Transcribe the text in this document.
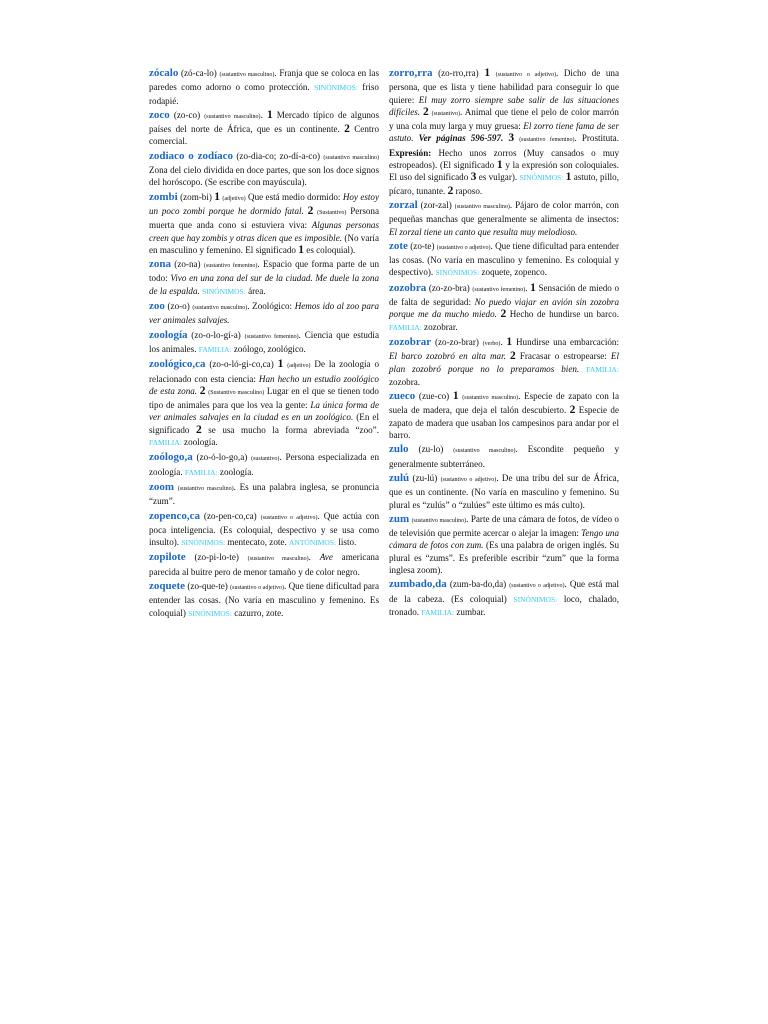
zócalo (zó-ca-lo) (sustantivo masculino). Franja que se coloca en las paredes como adorno o como protección. SINÓNIMOS: friso rodapié.

zoco (zo-co) (sustantivo masculino). 1 Mercado típico de algunos países del norte de África, que es un continente. 2 Centro comercial.

zodiaco o zodíaco (zo-dia-co; zo-dí-a-co) (sustantivo masculino) Zona del cielo dividida en doce partes, que son los doce signos del horóscopo. (Se escribe con mayúscula).

zombi (zom-bi) 1 (adjetivo) Que está medio dormido: Hoy estoy un poco zombi porque he dormido fatal. 2 (Sustantivo) Persona muerta que anda cono si estuviera viva: Algunas personas creen que hay zombis y otras dicen que es imposible. (No varía en masculino y femenino. El significado 1 es coloquial).

zona (zo-na) (sustantivo femenino). Espacio que forma parte de un todo: Vivo en una zona del sur de la ciudad. Me duele la zona de la espalda. SINÓNIMOS: área.

zoo (zo-o) (sustantivo masculino). Zoológico: Hemos ido al zoo para ver animales salvajes.

zoología (zo-o-lo-gí-a) (sustantivo femenino). Ciencia que estudia los animales. FAMILIA: zoólogo, zoológico.

zoológico,ca (zo-o-ló-gi-co,ca) 1 (adjetivo) De la zoología o relacionado con esta ciencia: Han hecho un estudio zoológico de esta zona. 2 (Sustantivo masculino) Lugar en el que se tienen todo tipo de animales para que los vea la gente: La única forma de ver animales salvajes en la ciudad es en un zoológico. (En el significado 2 se usa mucho la forma abreviada “zoo”. FAMILIA: zoología.

zoólogo,a (zo-ó-lo-go,a) (sustantivo). Persona especializada en zoología. FAMILIA: zoología.

zoom (sustantivo masculino). Es una palabra inglesa, se pronuncia “zum”.

zopenco,ca (zo-pen-co,ca) (sustantivo o adjetivo). Que actúa con poca inteligencia. (Es coloquial, despectivo y se usa como insulto). SINÓNIMOS: mentecato, zote. ANTÓNIMOS: listo.

zopilote (zo-pi-lo-te) (sustantivo masculino). Ave americana parecida al buitre pero de menor tamaño y de color negro.

zoquete (zo-que-te) (sustantivo o adjetivo). Que tiene dificultad para entender las cosas. (No varía en masculino y femenino. Es coloquial) SINÓNIMOS: cazurro, zote.

zorro,rra (zo-rro,rra) 1 (sustantivo o adjetivo). Dicho de una persona, que es lista y tiene habilidad para conseguir lo que quiere: El muy zorro siempre sabe salir de las situaciones difíciles. 2 (sustantivo). Animal que tiene el pelo de color marrón y una cola muy larga y muy gruesa: El zorro tiene fama de ser astuto. Ver páginas 596-597. 3 (sustantivo femenino). Prostituta. Expresión: Hecho unos zorros (Muy cansados o muy estropeados). (El significado 1 y la expresión son coloquiales. El uso del significado 3 es vulgar). SINÓNIMOS: 1 astuto, pillo, pícaro, tunante. 2 raposo.

zorzal (zor-zal) (sustantivo masculino). Pájaro de color marrón, con pequeñas manchas que generalmente se alimenta de insectos: El zorzal tiene un canto que resulta muy melodioso.

zote (zo-te) (sustantivo o adjetivo). Que tiene dificultad para entender las cosas. (No varía en masculino y femenino. Es coloquial y despectivo). SINÓNIMOS: zoquete, zopenco.

zozobra (zo-zo-bra) (sustantivo femenino). 1 Sensación de miedo o de falta de seguridad: No puedo viajar en avión sin zozobra porque me da mucho miedo. 2 Hecho de hundirse un barco. FAMILIA: zozobrar.

zozobrar (zo-zo-brar) (verbo). 1 Hundirse una embarcación: El barco zozobró en alta mar. 2 Fracasar o estropearse: El plan zozobró porque no lo preparamos bien. FAMILIA: zozobra.

zueco (zue-co) 1 (sustantivo masculino). Especie de zapato con la suela de madera, que deja el talón descubierto. 2 Especie de zapato de madera que usaban los campesinos para andar por el barro.

zulo (zu-lo) (sustantivo masculino). Escondite pequeño y generalmente subterráneo.

zulú (zu-lú) (sustantivo o adjetivo). De una tribu del sur de África, que es un continente. (No varía en masculino y femenino. Su plural es “zulús” o “zulúes” este último es más culto).

zum (sustantivo masculino). Parte de una cámara de fotos, de vídeo o de televisión que permite acercar o alejar la imagen: Tengo una cámara de fotos con zum. (Es una palabra de origen inglés. Su plural es “zums”. Es preferible escribir “zum” que la forma inglesa zoom).

zumbado,da (zum-ba-do,da) (sustantivo o adjetivo). Que está mal de la cabeza. (Es coloquial) SINÓNIMOS: loco, chalado, tronado. FAMILIA: zumbar.
